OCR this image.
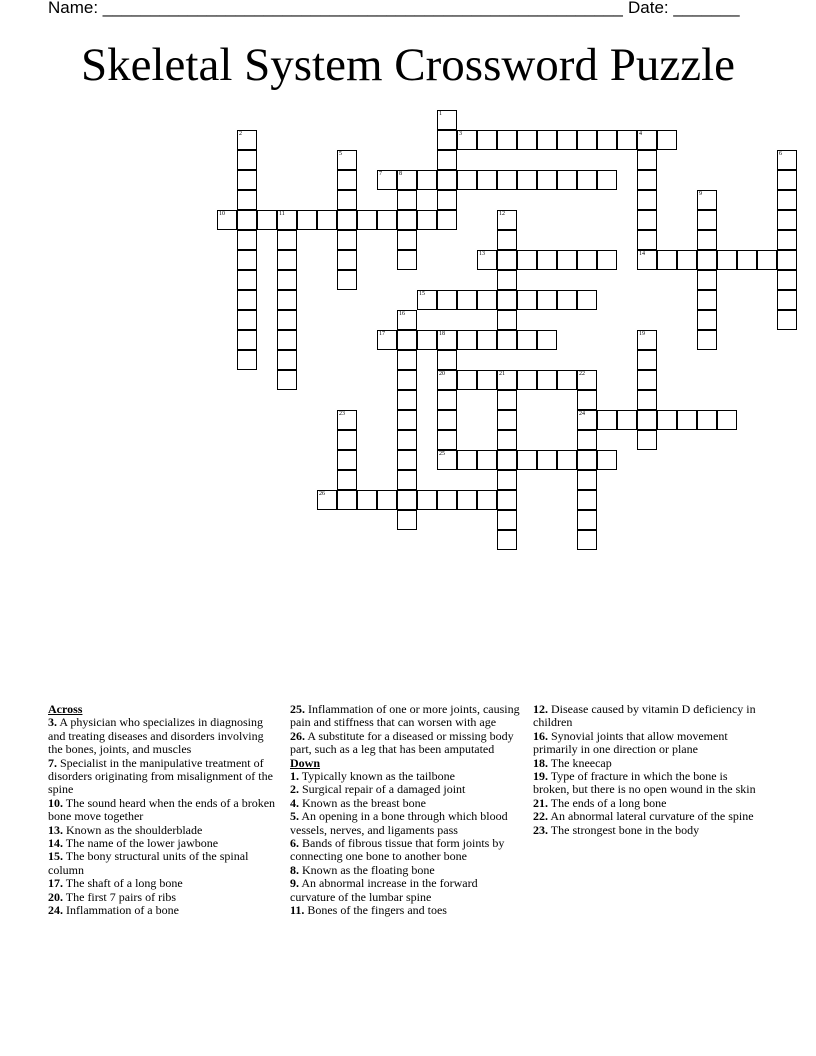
Name: _______________________________________________________ Date: _______
Skeletal System Crossword Puzzle
1
2	3	4
5	6
7	8
9
10	11	12
13	14
15
16
17	18
20
25
19
21	22
24
23
26

Across

3. A physician who specializes in diagnosing and treating diseases and disorders involving the bones, joints, and muscles

7. Specialist in the manipulative treatment of disorders originating from misalignment of the spine

10. The sound heard when the ends of a broken bone move together

13. Known as the shoulderblade

14. The name of the lower jawbone

15. The bony structural units of the spinal column

17. The shaft of a long bone

20. The first 7 pairs of ribs

24. Inflammation of a bone

25. Inflammation of one or more joints, causing pain and stiffness that can worsen with age

26. A substitute for a diseased or missing body part, such as a leg that has been amputated

Down

1. Typically known as the tailbone

2. Surgical repair of a damaged joint

4. Known as the breast bone

5. An opening in a bone through which blood vessels, nerves, and ligaments pass

6. Bands of fibrous tissue that form joints by connecting one bone to another bone

8. Known as the floating bone

9. An abnormal increase in the forward curvature of the lumbar spine

11. Bones of the fingers and toes

12. Disease caused by vitamin D deficiency in children

16. Synovial joints that allow movement primarily in one direction or plane

18. The kneecap

19. Type of fracture in which the bone is broken, but there is no open wound in the skin

21. The ends of a long bone

22. An abnormal lateral curvature of the spine

23. The strongest bone in the body
